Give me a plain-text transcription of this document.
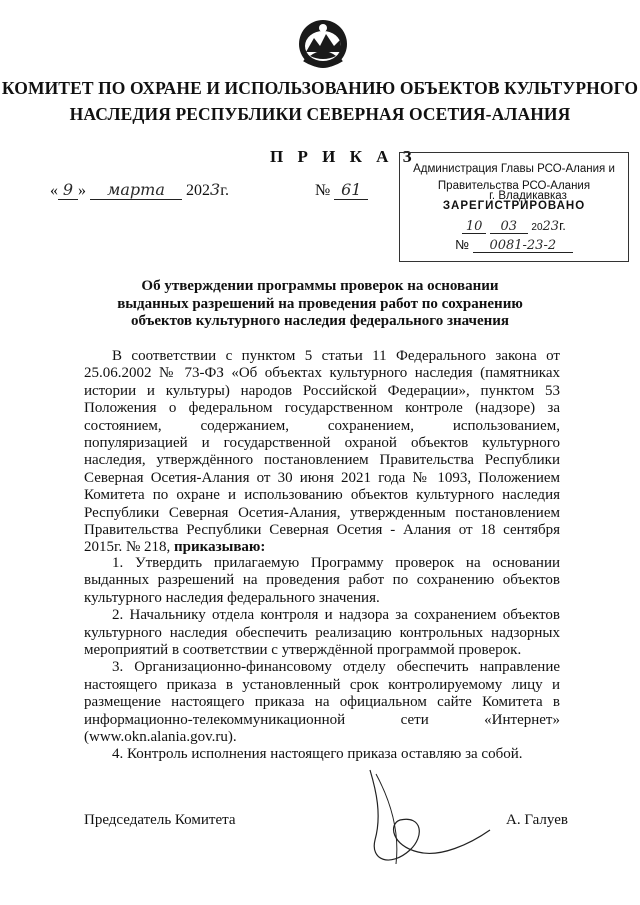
КОМИТЕТ ПО ОХРАНЕ И ИСПОЛЬЗОВАНИЮ ОБЪЕКТОВ КУЛЬТУРНОГО
НАСЛЕДИЯ РЕСПУБЛИКИ СЕВЕРНАЯ ОСЕТИЯ-АЛАНИЯ
П Р И К А З
« 9 » марта 2023г.	№ 61
Администрация Главы РСО-Алания и
Правительства РСО-Алания
г. Владикавказ
ЗАРЕГИСТРИРОВАНО
10 03 2023г.
№ 0081-23-2
Об утверждении программы проверок на основании
выданных разрешений на проведения работ по сохранению
объектов культурного наследия федерального значения

В соответствии с пунктом 5 статьи 11 Федерального закона от 25.06.2002 № 73-ФЗ «Об объектах культурного наследия (памятниках истории и культуры) народов Российской Федерации», пунктом 53 Положения о федеральном государственном контроле (надзоре) за состоянием, содержанием, сохранением, использованием, популяризацией и государственной охраной объектов культурного наследия, утверждённого постановлением Правительства Республики Северная Осетия-Алания от 30 июня 2021 года № 1093, Положением Комитета по охране и использованию объектов культурного наследия Республики Северная Осетия-Алания, утвержденным постановлением Правительства Республики Северная Осетия - Алания от 18 сентября 2015г. № 218, приказываю:

1. Утвердить прилагаемую Программу проверок на основании выданных разрешений на проведения работ по сохранению объектов культурного наследия федерального значения.

2. Начальнику отдела контроля и надзора за сохранением объектов культурного наследия обеспечить реализацию контрольных надзорных мероприятий в соответствии с утверждённой программой проверок.

3. Организационно-финансовому отделу обеспечить направление настоящего приказа в установленный срок контролируемому лицу и размещение настоящего приказа на официальном сайте Комитета в информационно-телекоммуникационной сети «Интернет» (www.okn.alania.gov.ru).

4. Контроль исполнения настоящего приказа оставляю за собой.

Председатель Комитета	А. Галуев
